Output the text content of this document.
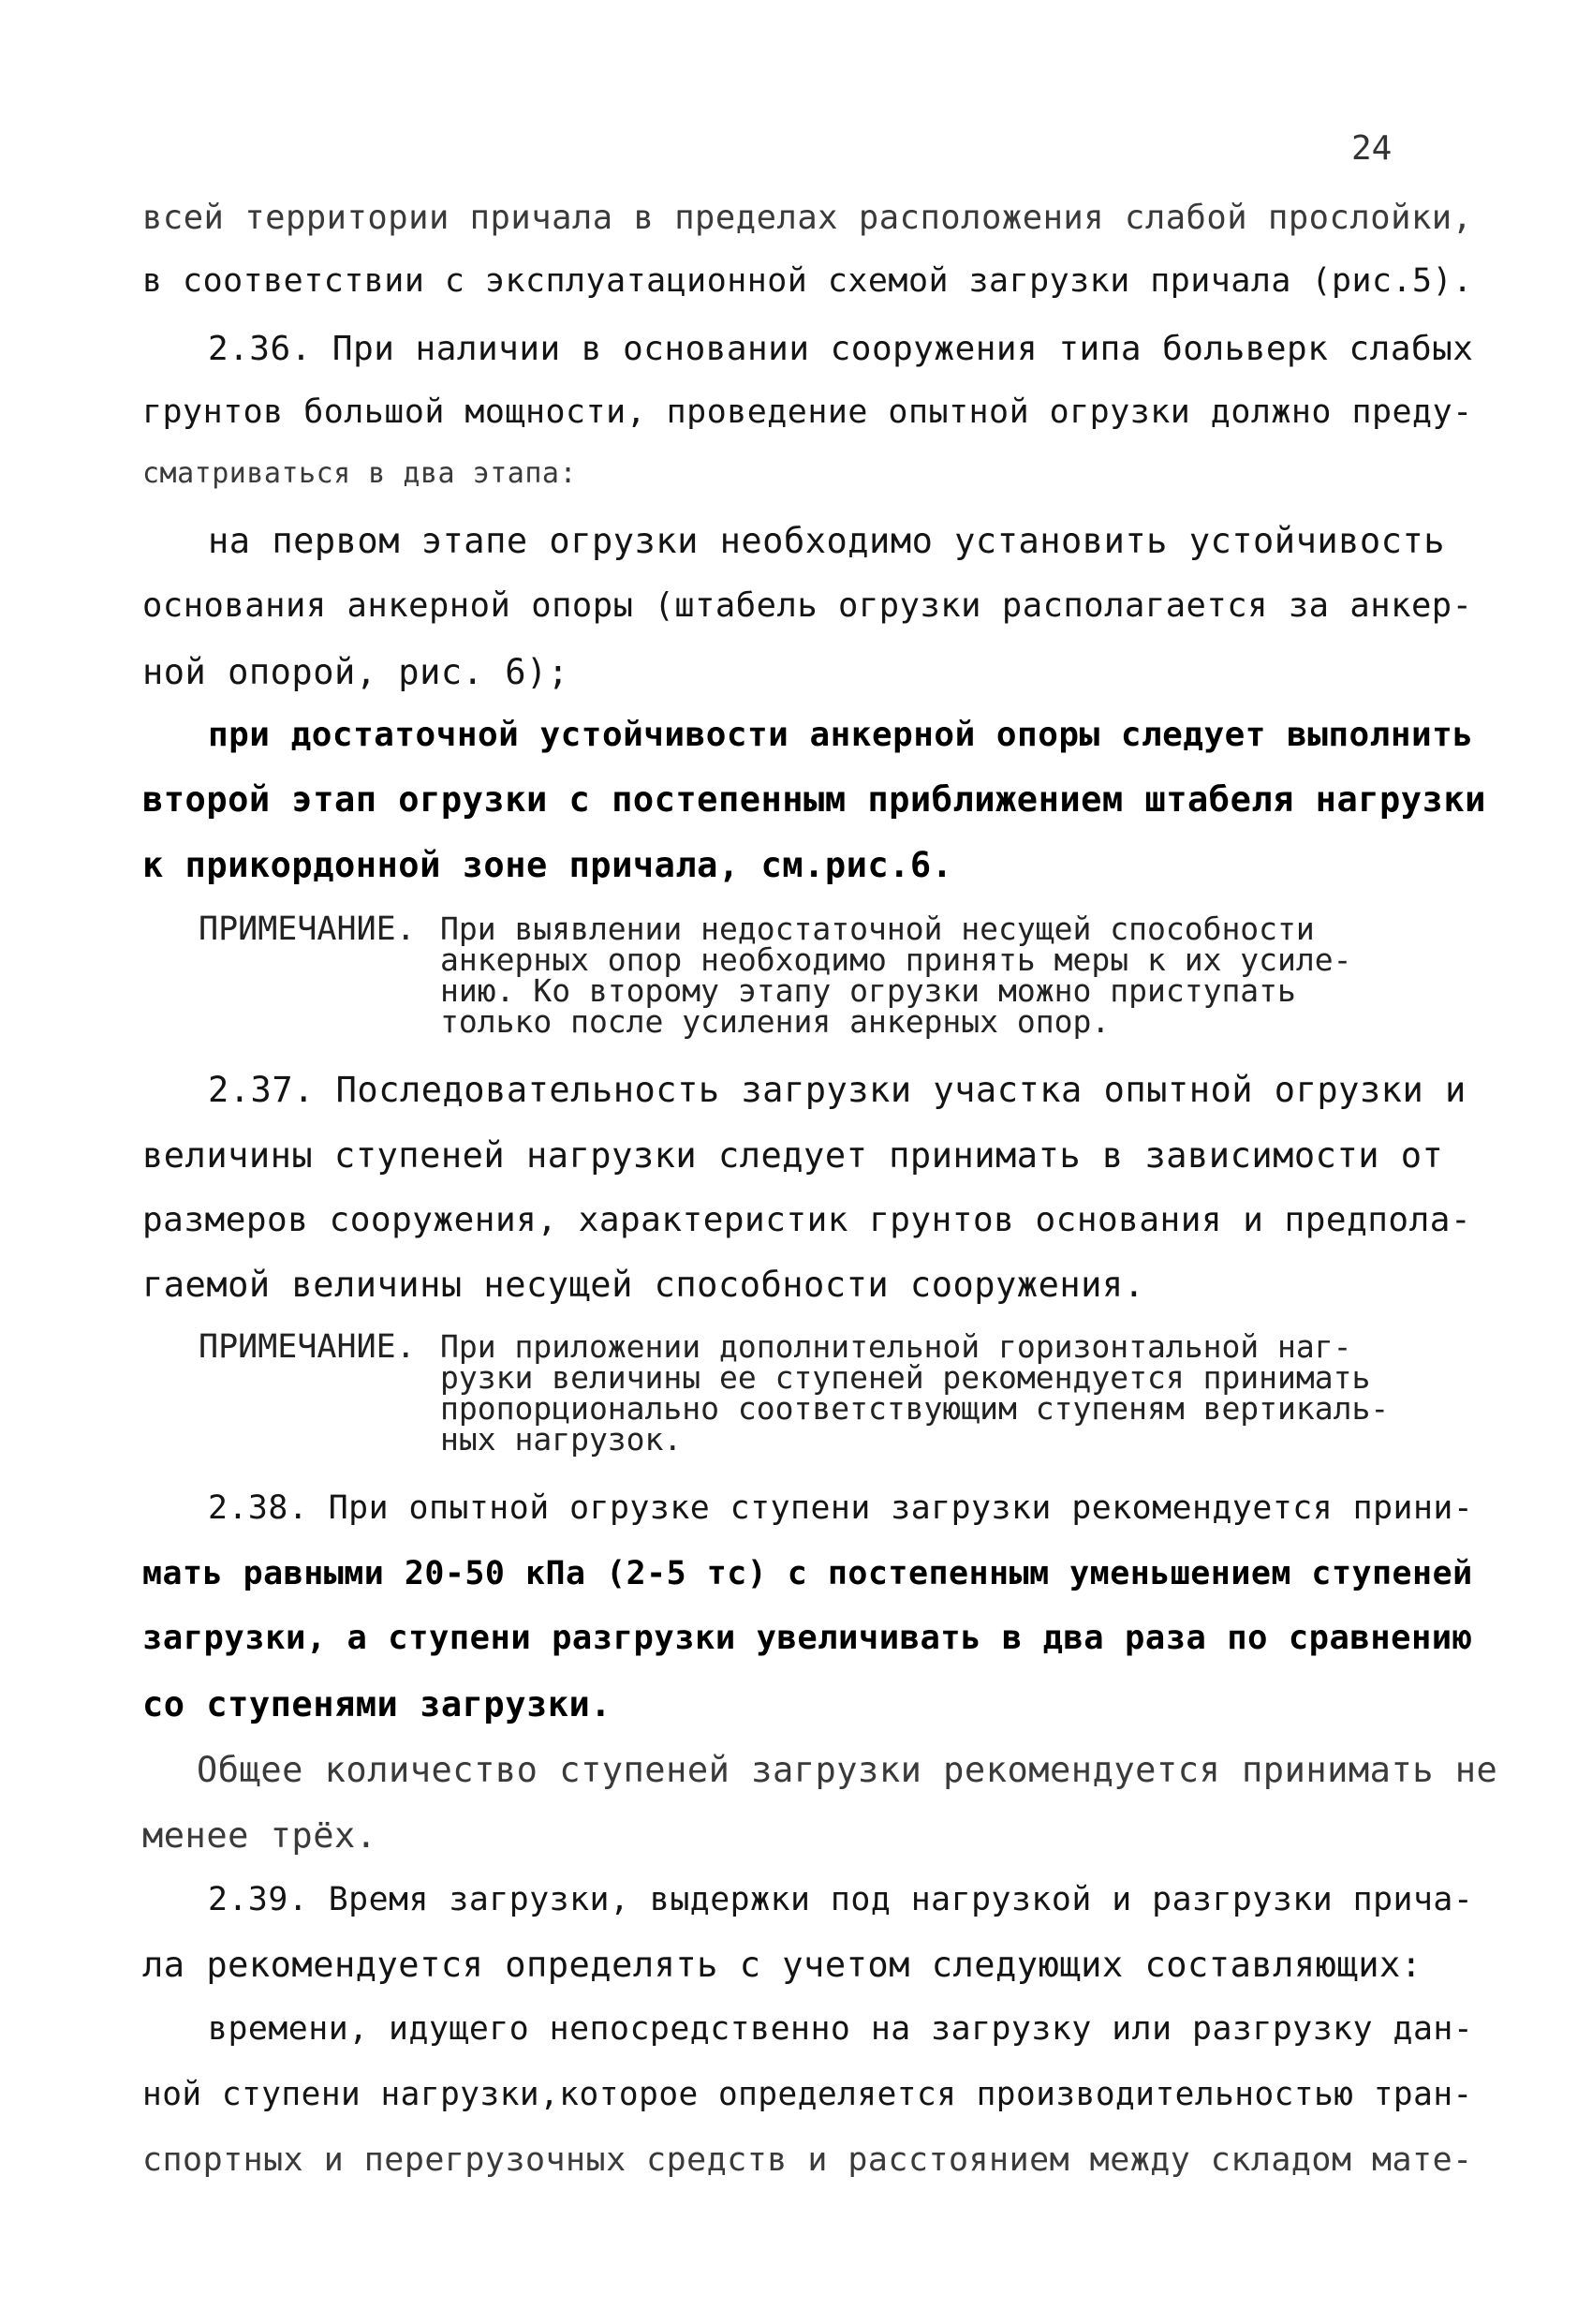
24
всей территории причала в пределах расположения слабой прослойки,
в соответствии с эксплуатационной схемой загрузки причала (рис.5).
2.36. При наличии в основании сооружения типа больверк слабых
грунтов большой мощности, проведение опытной огрузки должно преду-
сматриваться в два этапа:
на первом этапе огрузки необходимо установить устойчивость
основания анкерной опоры (штабель огрузки располагается за анкер-
ной опорой, рис. 6);
при достаточной устойчивости анкерной опоры следует выполнить
второй этап огрузки с постепенным приближением штабеля нагрузки
к прикордонной зоне причала, см.рис.6.
ПРИМЕЧАНИЕ. При выявлении недостаточной несущей способности
анкерных опор необходимо принять меры к их усиле-
нию. Ко второму этапу огрузки можно приступать
только после усиления анкерных опор.
2.37. Последовательность загрузки участка опытной огрузки и
величины ступеней нагрузки следует принимать в зависимости от
размеров сооружения, характеристик грунтов основания и предпола-
гаемой величины несущей способности сооружения.
ПРИМЕЧАНИЕ. При приложении дополнительной горизонтальной наг-
рузки величины ее ступеней рекомендуется принимать
пропорционально соответствующим ступеням вертикаль-
ных нагрузок.
2.38. При опытной огрузке ступени загрузки рекомендуется прини-
мать равными 20-50 кПа (2-5 тс) с постепенным уменьшением ступеней
загрузки, а ступени разгрузки увеличивать в два раза по сравнению
со ступенями загрузки.
Общее количество ступеней загрузки рекомендуется принимать не
менее трёх.
2.39. Время загрузки, выдержки под нагрузкой и разгрузки прича-
ла рекомендуется определять с учетом следующих составляющих:
времени, идущего непосредственно на загрузку или разгрузку дан-
ной ступени нагрузки,которое определяется производительностью тран-
спортных и перегрузочных средств и расстоянием между складом мате-
